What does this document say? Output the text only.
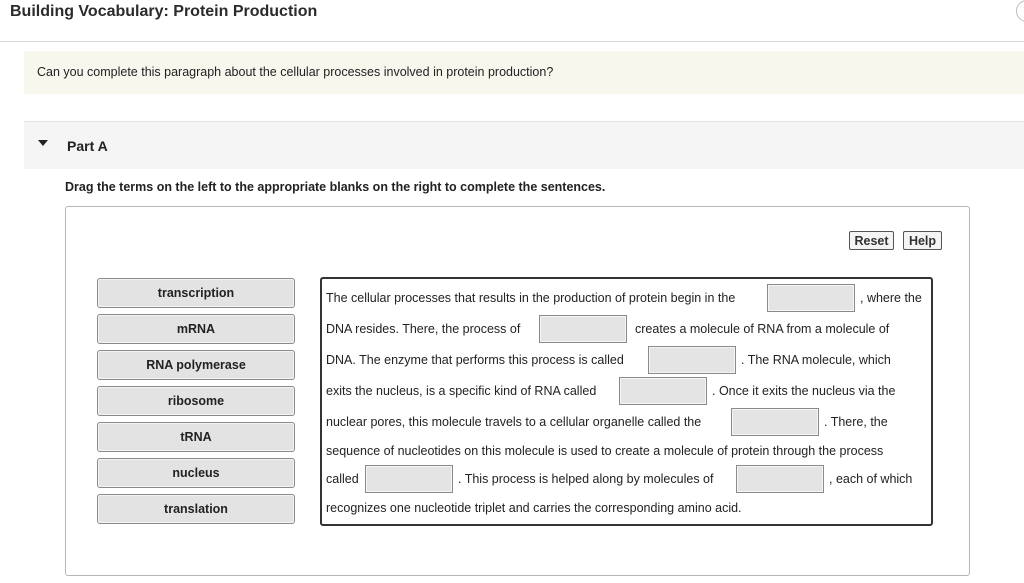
Building Vocabulary: Protein Production
Can you complete this paragraph about the cellular processes involved in protein production?
Part A
Drag the terms on the left to the appropriate blanks on the right to complete the sentences.
Reset	Help
transcription
mRNA
RNA polymerase
ribosome
tRNA
nucleus
translation
The cellular processes that results in the production of protein begin in the	, where the
DNA resides. There, the process of	creates a molecule of RNA from a molecule of
DNA. The enzyme that performs this process is called	. The RNA molecule, which
exits the nucleus, is a specific kind of RNA called	. Once it exits the nucleus via the
nuclear pores, this molecule travels to a cellular organelle called the	. There, the
sequence of nucleotides on this molecule is used to create a molecule of protein through the process
called	. This process is helped along by molecules of	, each of which
recognizes one nucleotide triplet and carries the corresponding amino acid.
